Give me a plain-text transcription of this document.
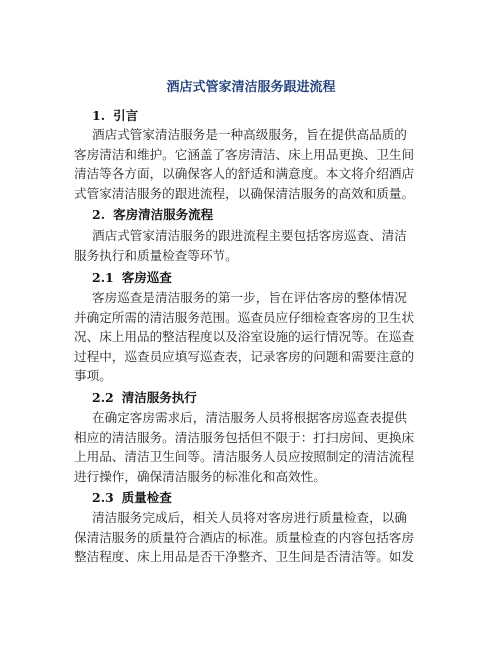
酒店式管家清洁服务跟进流程
1. 引言
酒店式管家清洁服务是一种高级服务，旨在提供高品质的
客房清洁和维护。它涵盖了客房清洁、床上用品更换、卫生间
清洁等各方面，以确保客人的舒适和满意度。本文将介绍酒店
式管家清洁服务的跟进流程，以确保清洁服务的高效和质量。
2. 客房清洁服务流程
酒店式管家清洁服务的跟进流程主要包括客房巡查、清洁
服务执行和质量检查等环节。
2.1 客房巡查
客房巡查是清洁服务的第一步，旨在评估客房的整体情况
并确定所需的清洁服务范围。巡查员应仔细检查客房的卫生状
况、床上用品的整洁程度以及浴室设施的运行情况等。在巡查
过程中，巡查员应填写巡查表，记录客房的问题和需要注意的
事项。
2.2 清洁服务执行
在确定客房需求后，清洁服务人员将根据客房巡查表提供
相应的清洁服务。清洁服务包括但不限于：打扫房间、更换床
上用品、清洁卫生间等。清洁服务人员应按照制定的清洁流程
进行操作，确保清洁服务的标准化和高效性。
2.3 质量检查
清洁服务完成后，相关人员将对客房进行质量检查，以确
保清洁服务的质量符合酒店的标准。质量检查的内容包括客房
整洁程度、床上用品是否干净整齐、卫生间是否清洁等。如发
